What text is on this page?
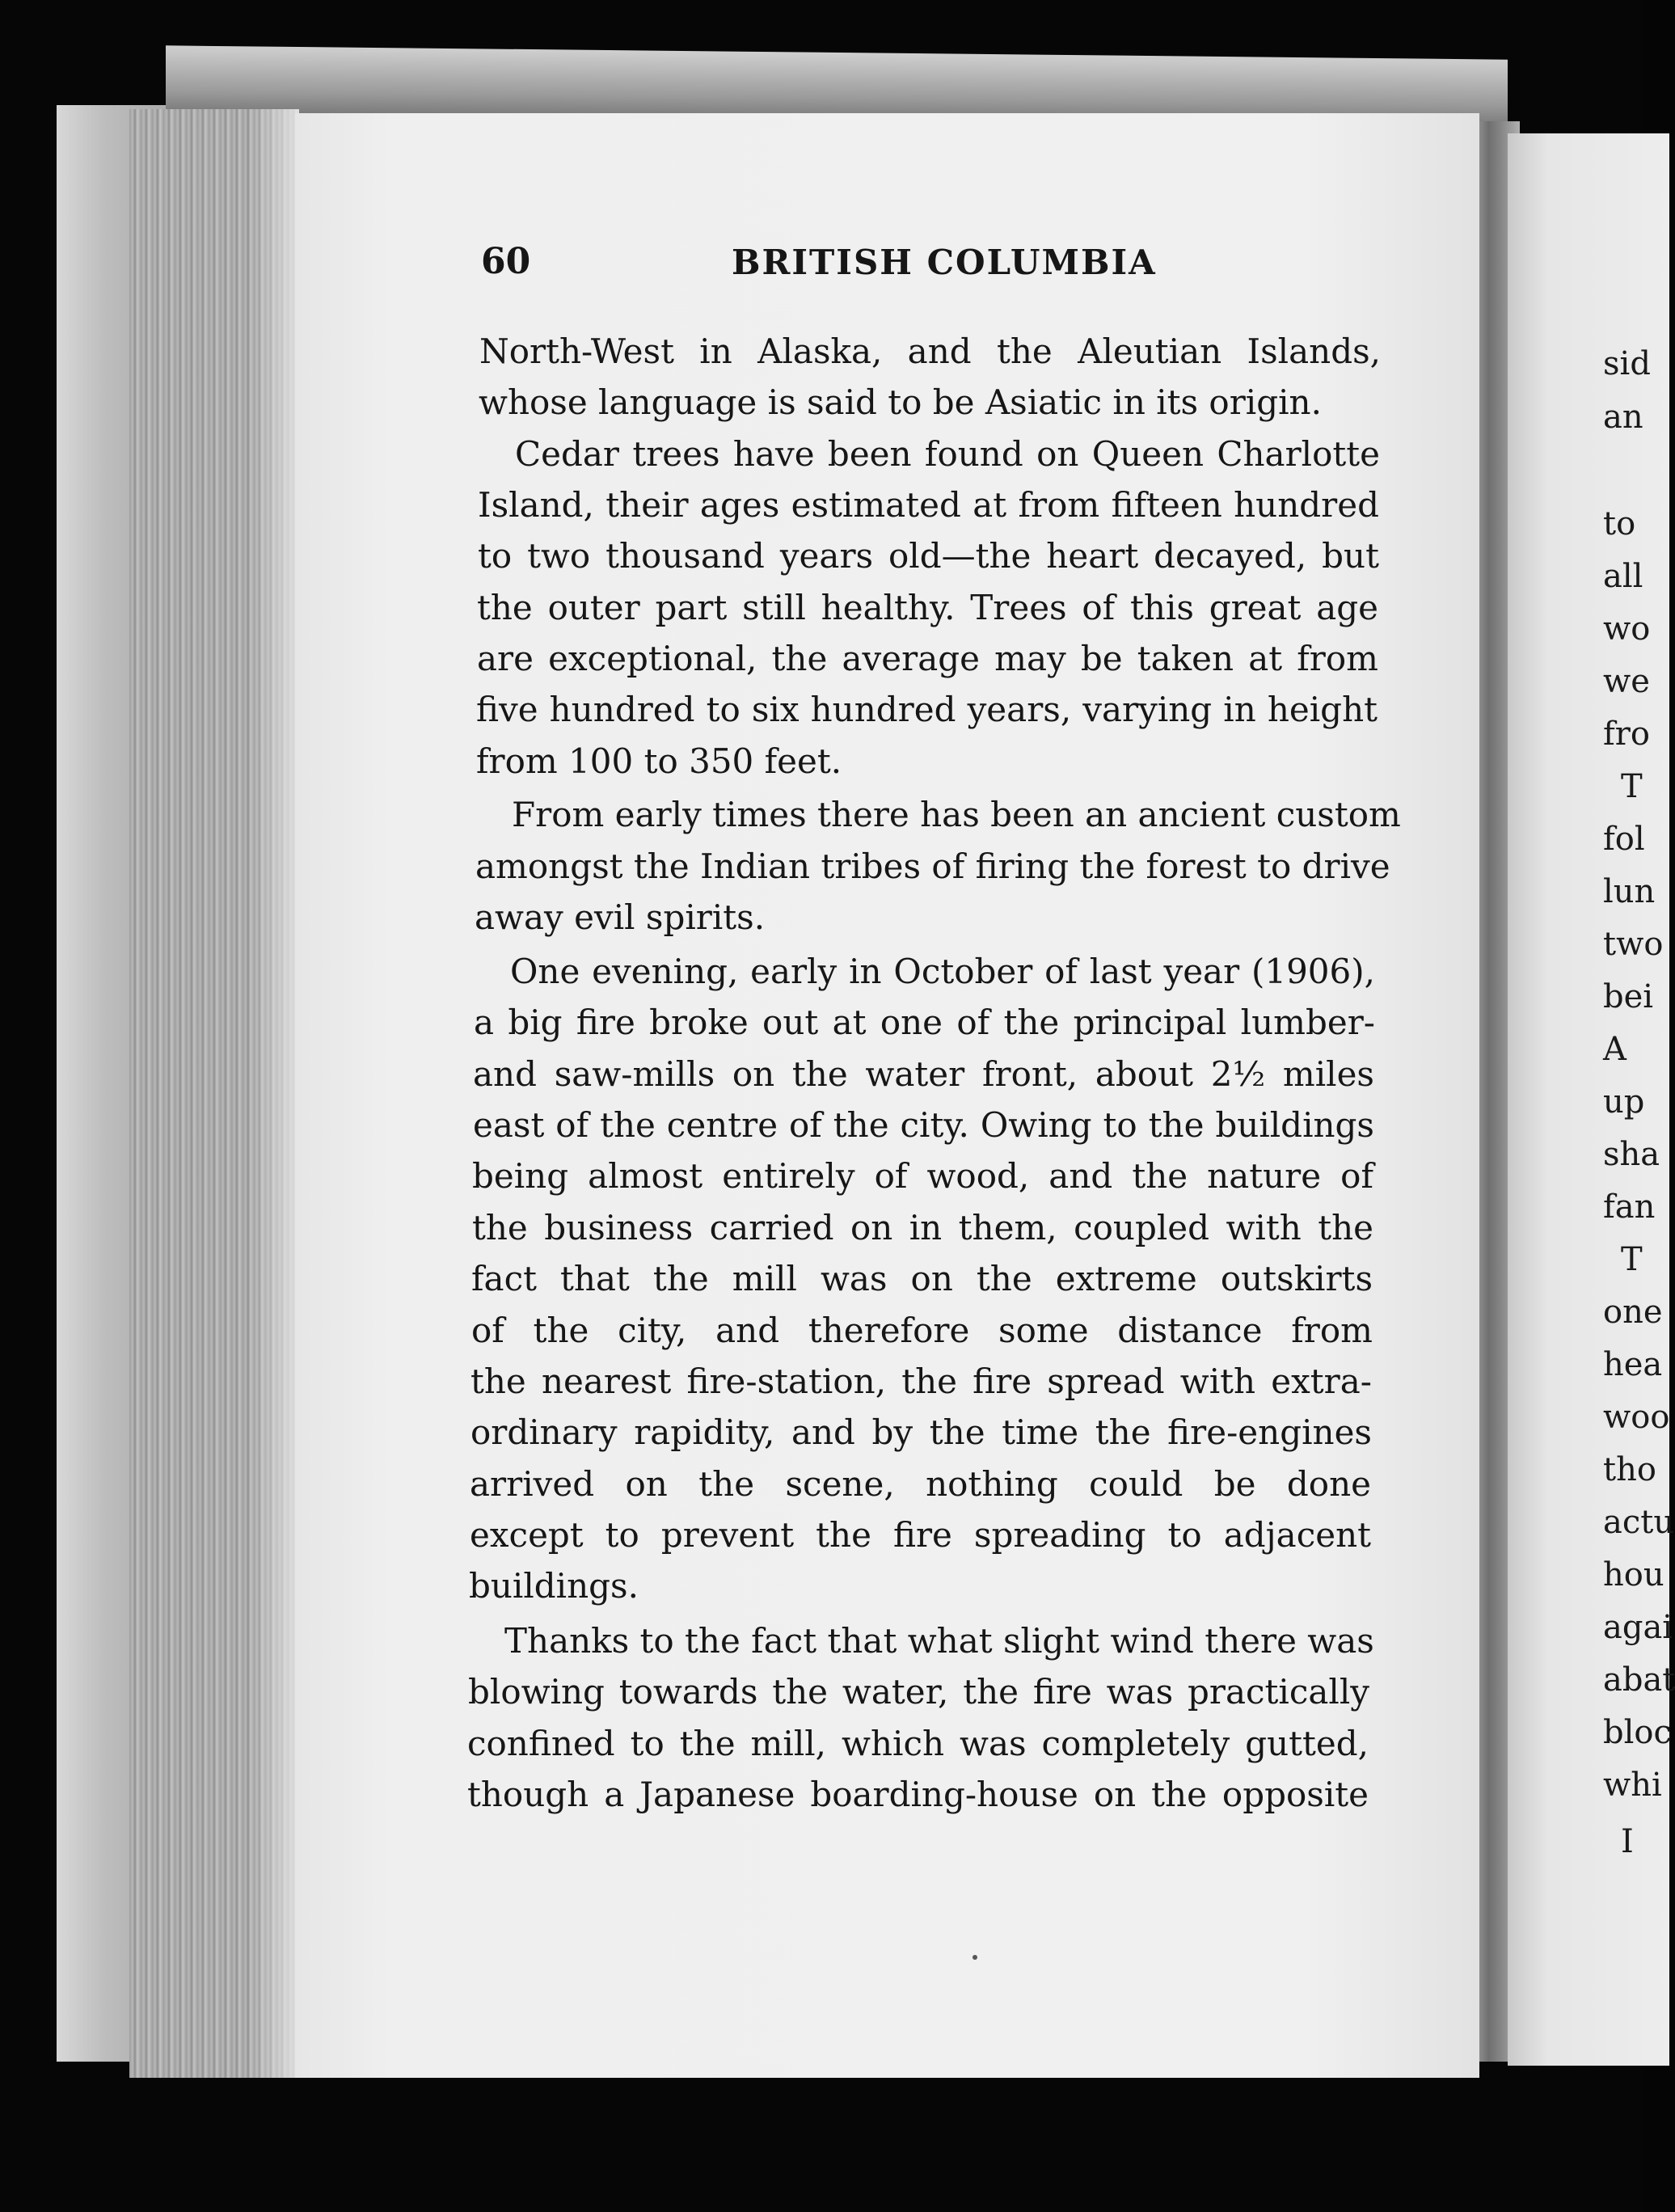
sid
an
to
all
wo
we
fro
T
fol
lun
two
bei
A
up
sha
fan
T
one
hea
woo
tho
actu
hou
agai
abat
bloc
whi
I
60	BRITISH COLUMBIA
North-West in Alaska, and the Aleutian Islands,
whose language is said to be Asiatic in its origin.
Cedar trees have been found on Queen Charlotte
Island, their ages estimated at from fifteen hundred
to two thousand years old—the heart decayed, but
the outer part still healthy. Trees of this great age
are exceptional, the average may be taken at from
five hundred to six hundred years, varying in height
from 100 to 350 feet.
From early times there has been an ancient custom
amongst the Indian tribes of firing the forest to drive
away evil spirits.
One evening, early in October of last year (1906),
a big fire broke out at one of the principal lumber-
and saw-mills on the water front, about 2½ miles
east of the centre of the city. Owing to the buildings
being almost entirely of wood, and the nature of
the business carried on in them, coupled with the
fact that the mill was on the extreme outskirts
of the city, and therefore some distance from
the nearest fire-station, the fire spread with extra-
ordinary rapidity, and by the time the fire-engines
arrived on the scene, nothing could be done
except to prevent the fire spreading to adjacent
buildings.
Thanks to the fact that what slight wind there was
blowing towards the water, the fire was practically
confined to the mill, which was completely gutted,
though a Japanese boarding-house on the opposite
